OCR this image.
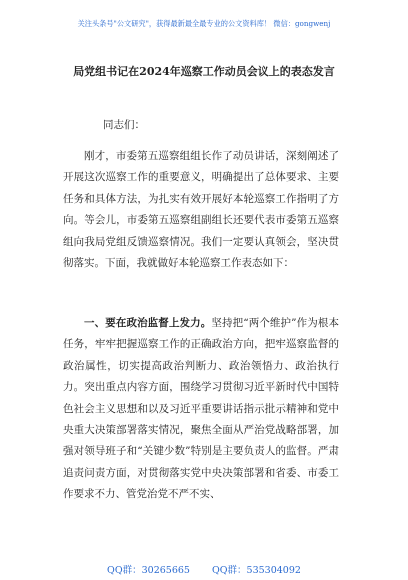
关注头条号"公文研究"，获得最新最全最专业的公文资料库！ 微信：gongwenj
局党组书记在2024年巡察工作动员会议上的表态发言
同志们：

刚才，市委第五巡察组组长作了动员讲话，深刻阐述了开展这次巡察工作的重要意义，明确提出了总体要求、主要任务和具体方法，为扎实有效开展好本轮巡察工作指明了方向。等会儿，市委第五巡察组副组长还要代表市委第五巡察组向我局党组反馈巡察情况。我们一定要认真领会，坚决贯彻落实。下面，我就做好本轮巡察工作表态如下：

一、要在政治监督上发力。坚持把“两个维护”作为根本任务，牢牢把握巡察工作的正确政治方向，把牢巡察监督的政治属性，切实提高政治判断力、政治领悟力、政治执行力。突出重点内容方面，围绕学习贯彻习近平新时代中国特色社会主义思想和以及习近平重要讲话指示批示精神和党中央重大决策部署落实情况，聚焦全面从严治党战略部署，加强对领导班子和“关键少数”特别是主要负责人的监督。严肃追责问责方面，对贯彻落实党中央决策部署和省委、市委工作要求不力、管党治党不严不实、

QQ群：30265665 QQ群：535304092
